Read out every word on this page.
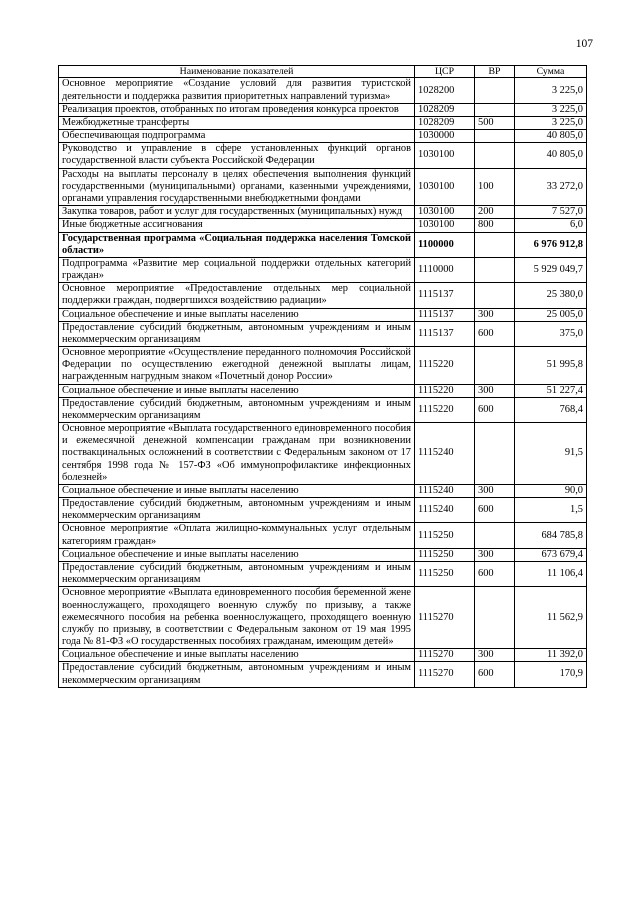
107
Наименование показателей	ЦСР	ВР	Сумма
Основное мероприятие «Создание условий для развития туристской деятельности и поддержка развития приоритетных направлений туризма»	1028200		3 225,0
Реализация проектов, отобранных по итогам проведения конкурса проектов	1028209		3 225,0
Межбюджетные трансферты	1028209	500	3 225,0
Обеспечивающая подпрограмма	1030000		40 805,0
Руководство и управление в сфере установленных функций органов государственной власти субъекта Российской Федерации	1030100		40 805,0
Расходы на выплаты персоналу в целях обеспечения выполнения функций государственными (муниципальными) органами, казенными учреждениями, органами управления государственными внебюджетными фондами	1030100	100	33 272,0
Закупка товаров, работ и услуг для государственных (муниципальных) нужд	1030100	200	7 527,0
Иные бюджетные ассигнования	1030100	800	6,0
Государственная программа «Социальная поддержка населения Томской области»	1100000		6 976 912,8
Подпрограмма «Развитие мер социальной поддержки отдельных категорий граждан»	1110000		5 929 049,7
Основное мероприятие «Предоставление отдельных мер социальной поддержки граждан, подвергшихся воздействию радиации»	1115137		25 380,0
Социальное обеспечение и иные выплаты населению	1115137	300	25 005,0
Предоставление субсидий бюджетным, автономным учреждениям и иным некоммерческим организациям	1115137	600	375,0
Основное мероприятие «Осуществление переданного полномочия Российской Федерации по осуществлению ежегодной денежной выплаты лицам, награжденным нагрудным знаком «Почетный донор России»	1115220		51 995,8
Социальное обеспечение и иные выплаты населению	1115220	300	51 227,4
Предоставление субсидий бюджетным, автономным учреждениям и иным некоммерческим организациям	1115220	600	768,4
Основное мероприятие «Выплата государственного единовременного пособия и ежемесячной денежной компенсации гражданам при возникновении поствакцинальных осложнений в соответствии с Федеральным законом от 17 сентября 1998 года № 157-ФЗ «Об иммунопрофилактике инфекционных болезней»	1115240		91,5
Социальное обеспечение и иные выплаты населению	1115240	300	90,0
Предоставление субсидий бюджетным, автономным учреждениям и иным некоммерческим организациям	1115240	600	1,5
Основное мероприятие «Оплата жилищно-коммунальных услуг отдельным категориям граждан»	1115250		684 785,8
Социальное обеспечение и иные выплаты населению	1115250	300	673 679,4
Предоставление субсидий бюджетным, автономным учреждениям и иным некоммерческим организациям	1115250	600	11 106,4
Основное мероприятие «Выплата единовременного пособия беременной жене военнослужащего, проходящего военную службу по призыву, а также ежемесячного пособия на ребенка военнослужащего, проходящего военную службу по призыву, в соответствии с Федеральным законом от 19 мая 1995 года № 81-ФЗ «О государственных пособиях гражданам, имеющим детей»	1115270		11 562,9
Социальное обеспечение и иные выплаты населению	1115270	300	11 392,0
Предоставление субсидий бюджетным, автономным учреждениям и иным некоммерческим организациям	1115270	600	170,9
